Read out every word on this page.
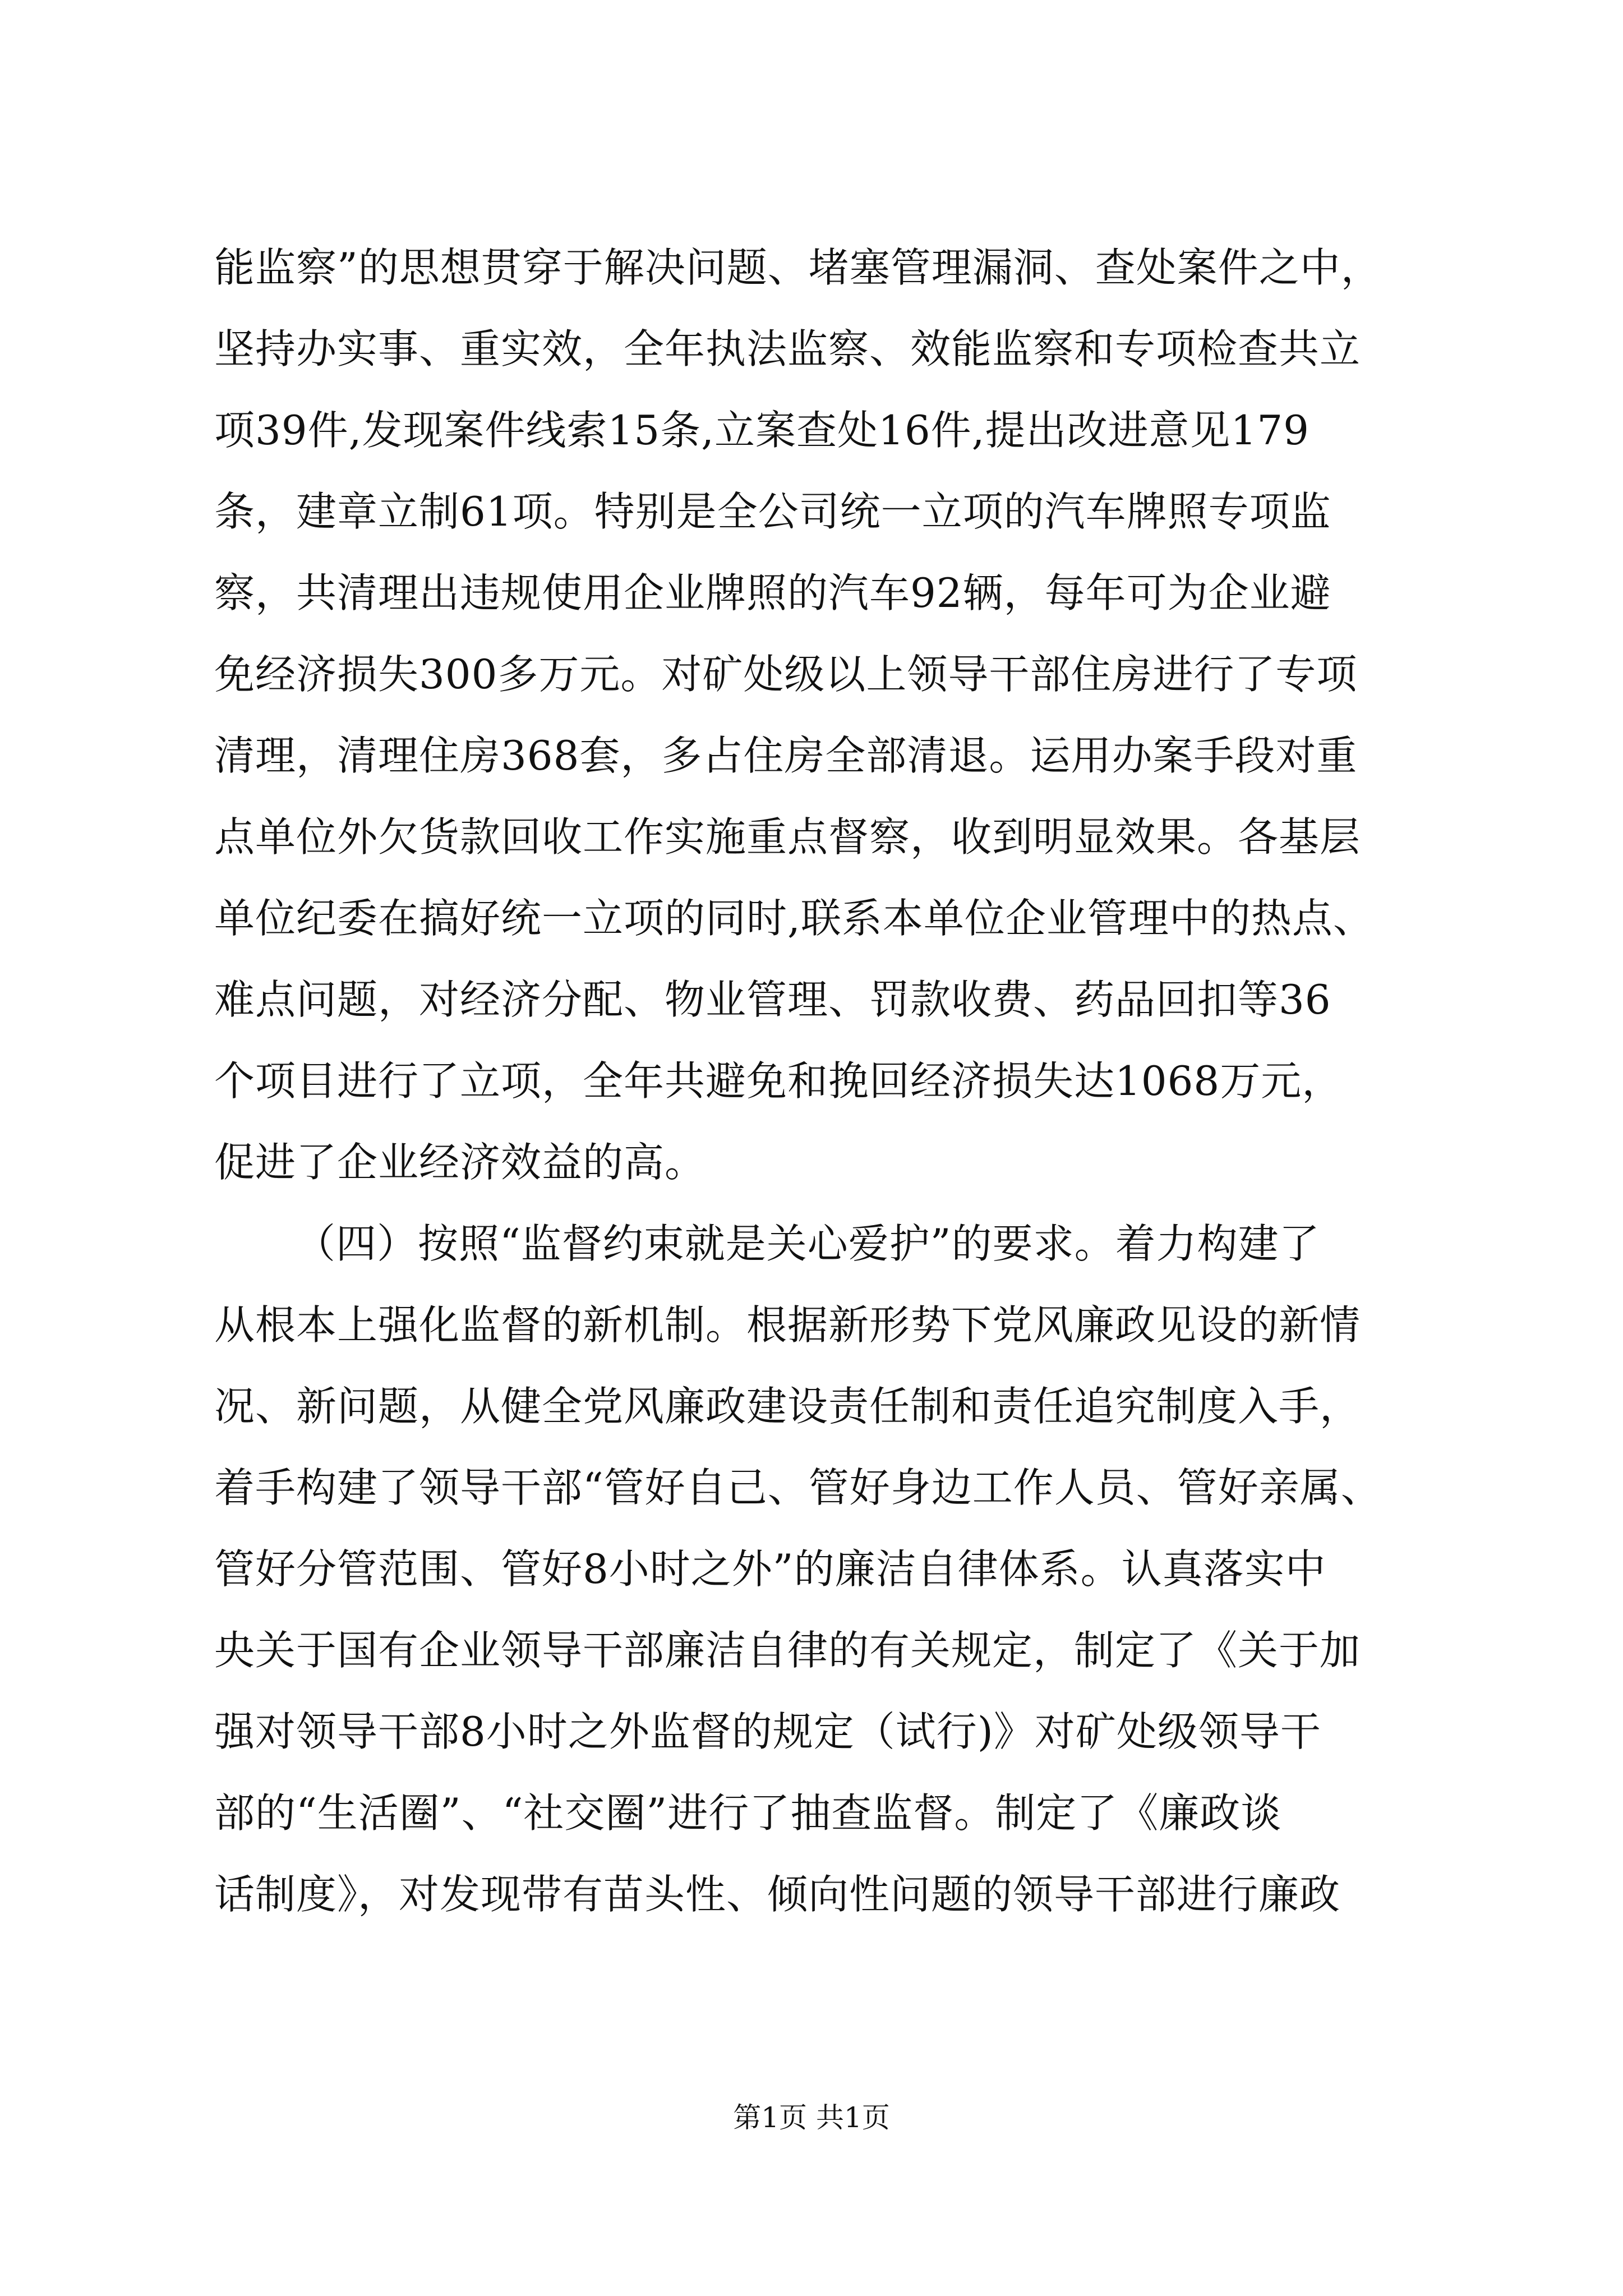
能监察”的思想贯穿于解决问题、堵塞管理漏洞、查处案件之中，
坚持办实事、重实效，全年执法监察、效能监察和专项检查共立
项39件,发现案件线索15条,立案查处16件,提出改进意见179
条，建章立制61项。特别是全公司统一立项的汽车牌照专项监
察，共清理出违规使用企业牌照的汽车92辆，每年可为企业避
免经济损失300多万元。对矿处级以上领导干部住房进行了专项
清理，清理住房368套，多占住房全部清退。运用办案手段对重
点单位外欠货款回收工作实施重点督察，收到明显效果。各基层
单位纪委在搞好统一立项的同时,联系本单位企业管理中的热点、
难点问题，对经济分配、物业管理、罚款收费、药品回扣等36
个项目进行了立项，全年共避免和挽回经济损失达1068万元，
促进了企业经济效益的高。
（四）按照“监督约束就是关心爱护”的要求。着力构建了
从根本上强化监督的新机制。根据新形势下党风廉政见设的新情
况、新问题，从健全党风廉政建设责任制和责任追究制度入手，
着手构建了领导干部“管好自己、管好身边工作人员、管好亲属、
管好分管范围、管好8小时之外”的廉洁自律体系。认真落实中
央关于国有企业领导干部廉洁自律的有关规定，制定了《关于加
强对领导干部8小时之外监督的规定（试行)》对矿处级领导干
部的“生活圈”、“社交圈”进行了抽查监督。制定了《廉政谈
话制度》，对发现带有苗头性、倾向性问题的领导干部进行廉政
第1页 共1页
